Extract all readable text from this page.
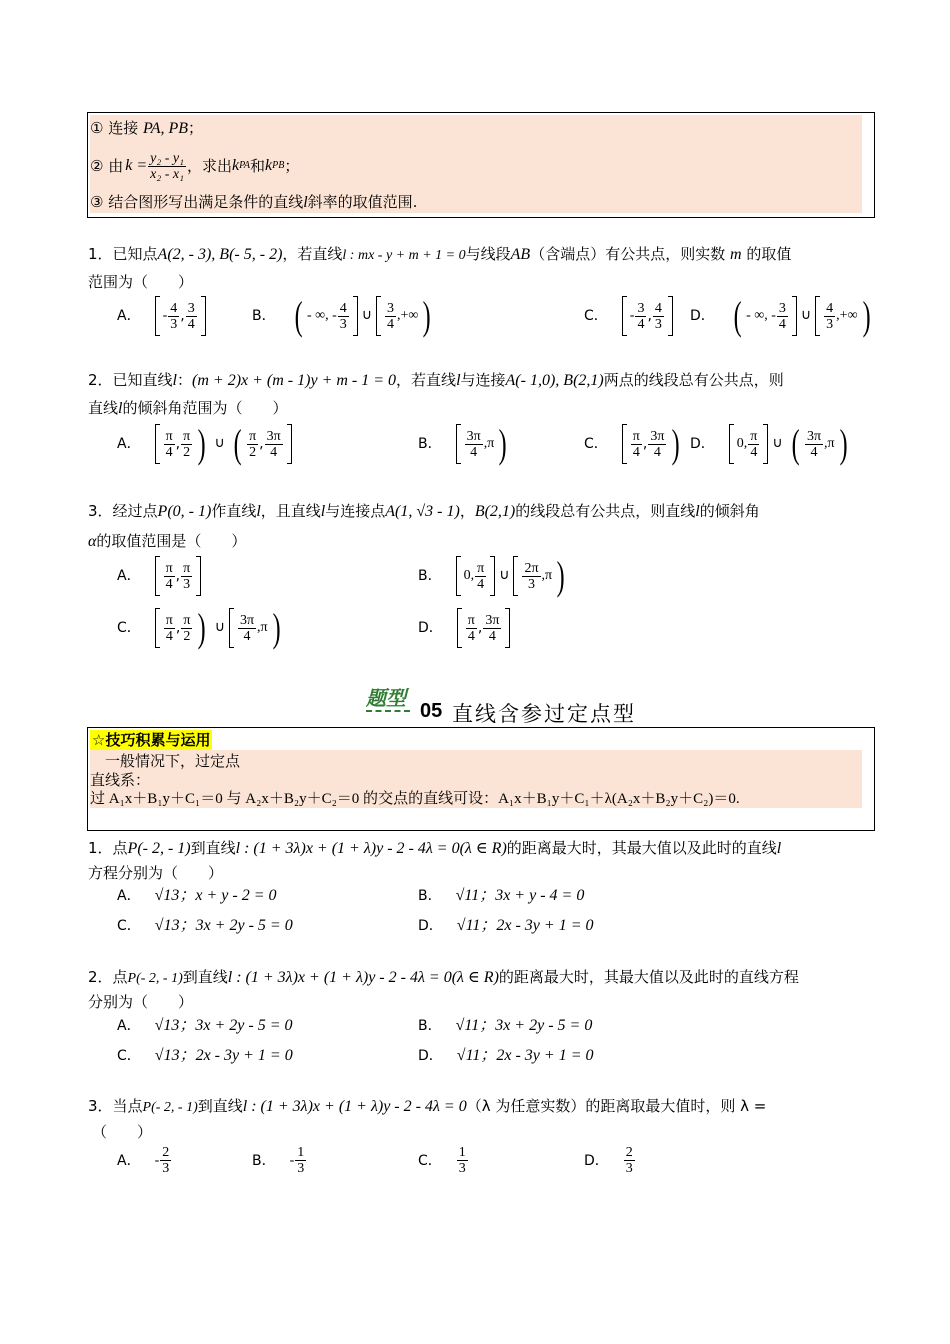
① 连接 PA, PB；
② 由 $k = \frac{\text{y₂ - y₁}}{\text{x₂ - x₁}}$ ，求出 k PA 和 k PB ；
③ 结合图形写出满足条件的直线l斜率的取值范围.
1．已知点A(2, - 3), B(- 5, - 2)，若直线l : mx - y + m + 1 = 0与线段AB（含端点）有公共点，则实数 m 的取值
范围为（　　）
A． - $\frac{4}{3}$ , $\frac{3}{4}$	B． ( - ∞, - $\frac{4}{3}$ ∪ $\frac{3}{4}$ ,+∞ )	C． - $\frac{3}{4}$ , $\frac{4}{3}$ D． ( - ∞, - $\frac{3}{4}$ ∪ $\frac{4}{3}$ ,+∞ )
2．已知直线l：(m + 2)x + (m - 1)y + m - 1 = 0，若直线l与连接A(- 1,0), B(2,1)两点的线段总有公共点，则
直线l的倾斜角范围为（　　）
A． $\frac{\pi}{4}$ , $\frac{\pi}{2}$ ) ∪ ( $\frac{\pi}{2}$ , $\frac{3\pi}{4}$	B． $\frac{3\pi}{4} ,\pi$ )	C． $\frac{\pi}{4}$ , $\frac{3\pi}{4}$ ) D． 0, $\frac{\pi}{4}$ ∪ ( $\frac{3\pi}{4} ,\pi$ )
3．经过点P(0, - 1)作直线l，且直线l与连接点A(1, √3 - 1)，B(2,1)的线段总有公共点，则直线l的倾斜角
α的取值范围是（　　）
A． $\frac{\pi}{4}$ , $\frac{\pi}{3}$	B． 0, $\frac{\pi}{4}$ ∪ $\frac{2\pi}{3} ,\pi$ )
C． $\frac{\pi}{4}$ , $\frac{\pi}{2}$ ) ∪ $\frac{3\pi}{4} ,\pi$ )	D． $\frac{\pi}{4}$ , $\frac{3\pi}{4}$
题型
05 直线含参过定点型
☆技巧积累与运用
　一般情况下，过定点
直线系：
过 A₁x＋B₁y＋C₁＝0 与 A₂x＋B₂y＋C₂＝0 的交点的直线可设：A₁x＋B₁y＋C₁＋λ(A₂x＋B₂y＋C₂)＝0.
1．点P(- 2, - 1)到直线l : (1 + 3λ)x + (1 + λ)y - 2 - 4λ = 0(λ ∈ R)的距离最大时，其最大值以及此时的直线l
方程分别为（　　）
A． √13；x + y - 2 = 0	B． √11；3x + y - 4 = 0
C． √13；3x + 2y - 5 = 0	D． √11；2x - 3y + 1 = 0
2．点P(- 2, - 1)到直线l : (1 + 3λ)x + (1 + λ)y - 2 - 4λ = 0(λ ∈ R)的距离最大时，其最大值以及此时的直线方程
分别为（　　）
A． √13；3x + 2y - 5 = 0	B． √11；3x + 2y - 5 = 0
C． √13；2x - 3y + 1 = 0	D． √11；2x - 3y + 1 = 0
3．当点P(- 2, - 1)到直线l : (1 + 3λ)x + (1 + λ)y - 2 - 4λ = 0（λ 为任意实数）的距离取最大值时，则 λ =
（　　）
A． - $\frac{2}{3}$	B． - $\frac{1}{3}$	C． $\frac{1}{3}$	D． $\frac{2}{3}$
